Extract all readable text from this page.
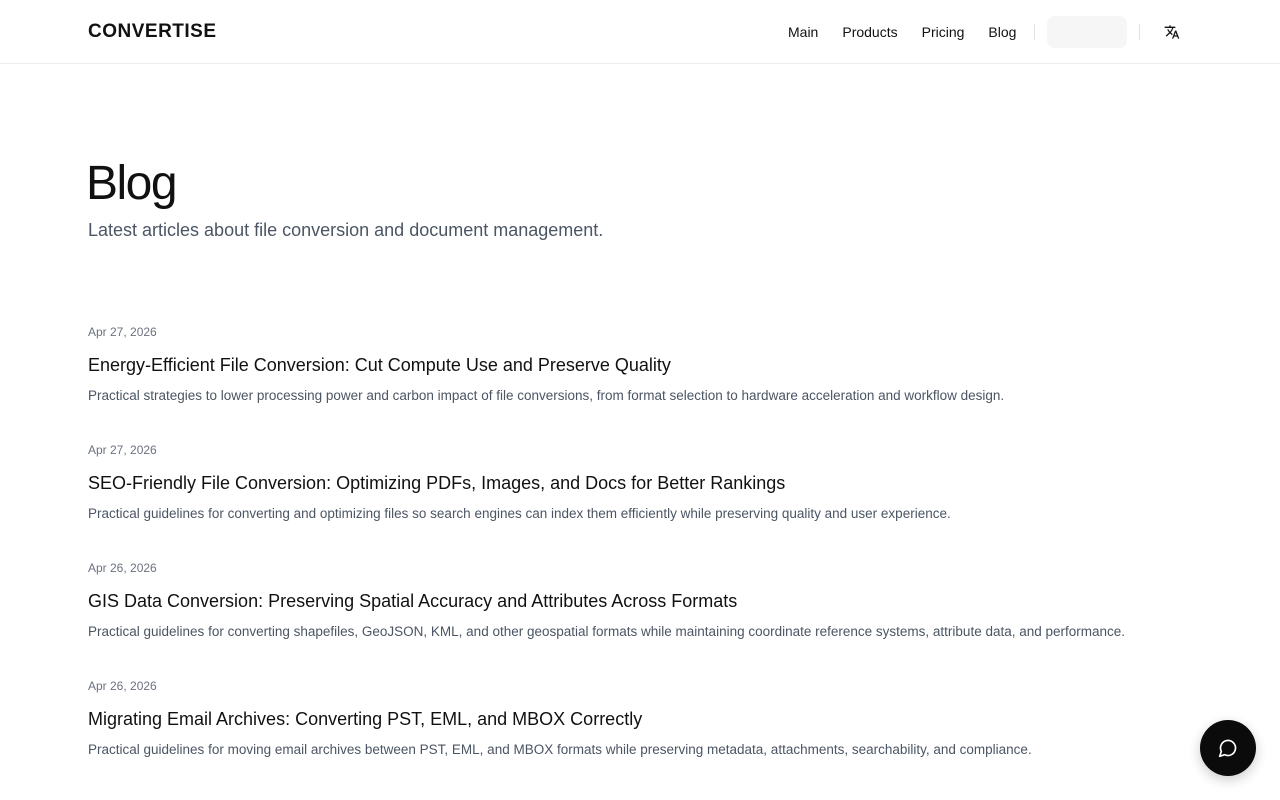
CONVERTISE	Main Products Pricing Blog
Blog

Latest articles about file conversion and document management.

Apr 27, 2026
Energy-Efficient File Conversion: Cut Compute Use and Preserve Quality
Practical strategies to lower processing power and carbon impact of file conversions, from format selection to hardware acceleration and workflow design.
Apr 27, 2026
SEO-Friendly File Conversion: Optimizing PDFs, Images, and Docs for Better Rankings
Practical guidelines for converting and optimizing files so search engines can index them efficiently while preserving quality and user experience.
Apr 26, 2026
GIS Data Conversion: Preserving Spatial Accuracy and Attributes Across Formats
Practical guidelines for converting shapefiles, GeoJSON, KML, and other geospatial formats while maintaining coordinate reference systems, attribute data, and performance.
Apr 26, 2026
Migrating Email Archives: Converting PST, EML, and MBOX Correctly
Practical guidelines for moving email archives between PST, EML, and MBOX formats while preserving metadata, attachments, searchability, and compliance.
